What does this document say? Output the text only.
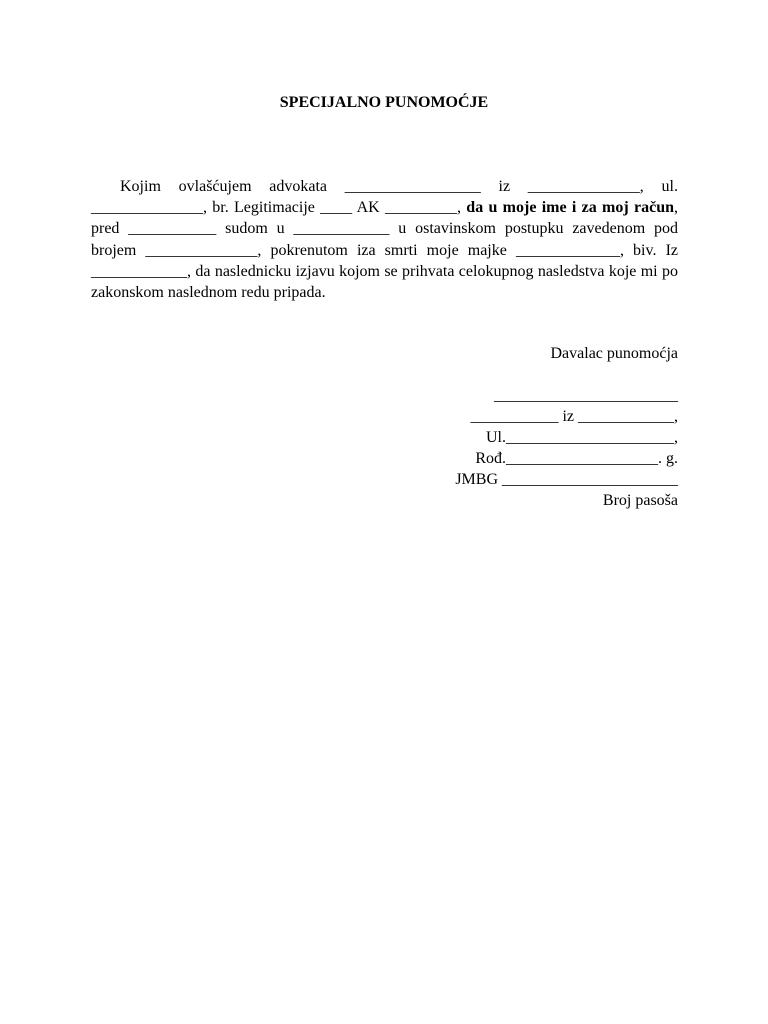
SPECIJALNO PUNOMOĆJE

Kojim ovlašćujem advokata _________________ iz ______________, ul. ______________, br. Legitimacije ____ AK _________, da u moje ime i za moj račun, pred ___________ sudom u ____________ u ostavinskom postupku zavedenom pod brojem ______________, pokrenutom iza smrti moje majke _____________, biv. Iz ____________, da naslednicku izjavu kojom se prihvata celokupnog nasledstva koje mi po zakonskom naslednom redu pripada.

Davalac punomoćja
_______________________
___________ iz ____________,
Ul._____________________,
Rođ.___________________. g.
JMBG ______________________
Broj pasoša
